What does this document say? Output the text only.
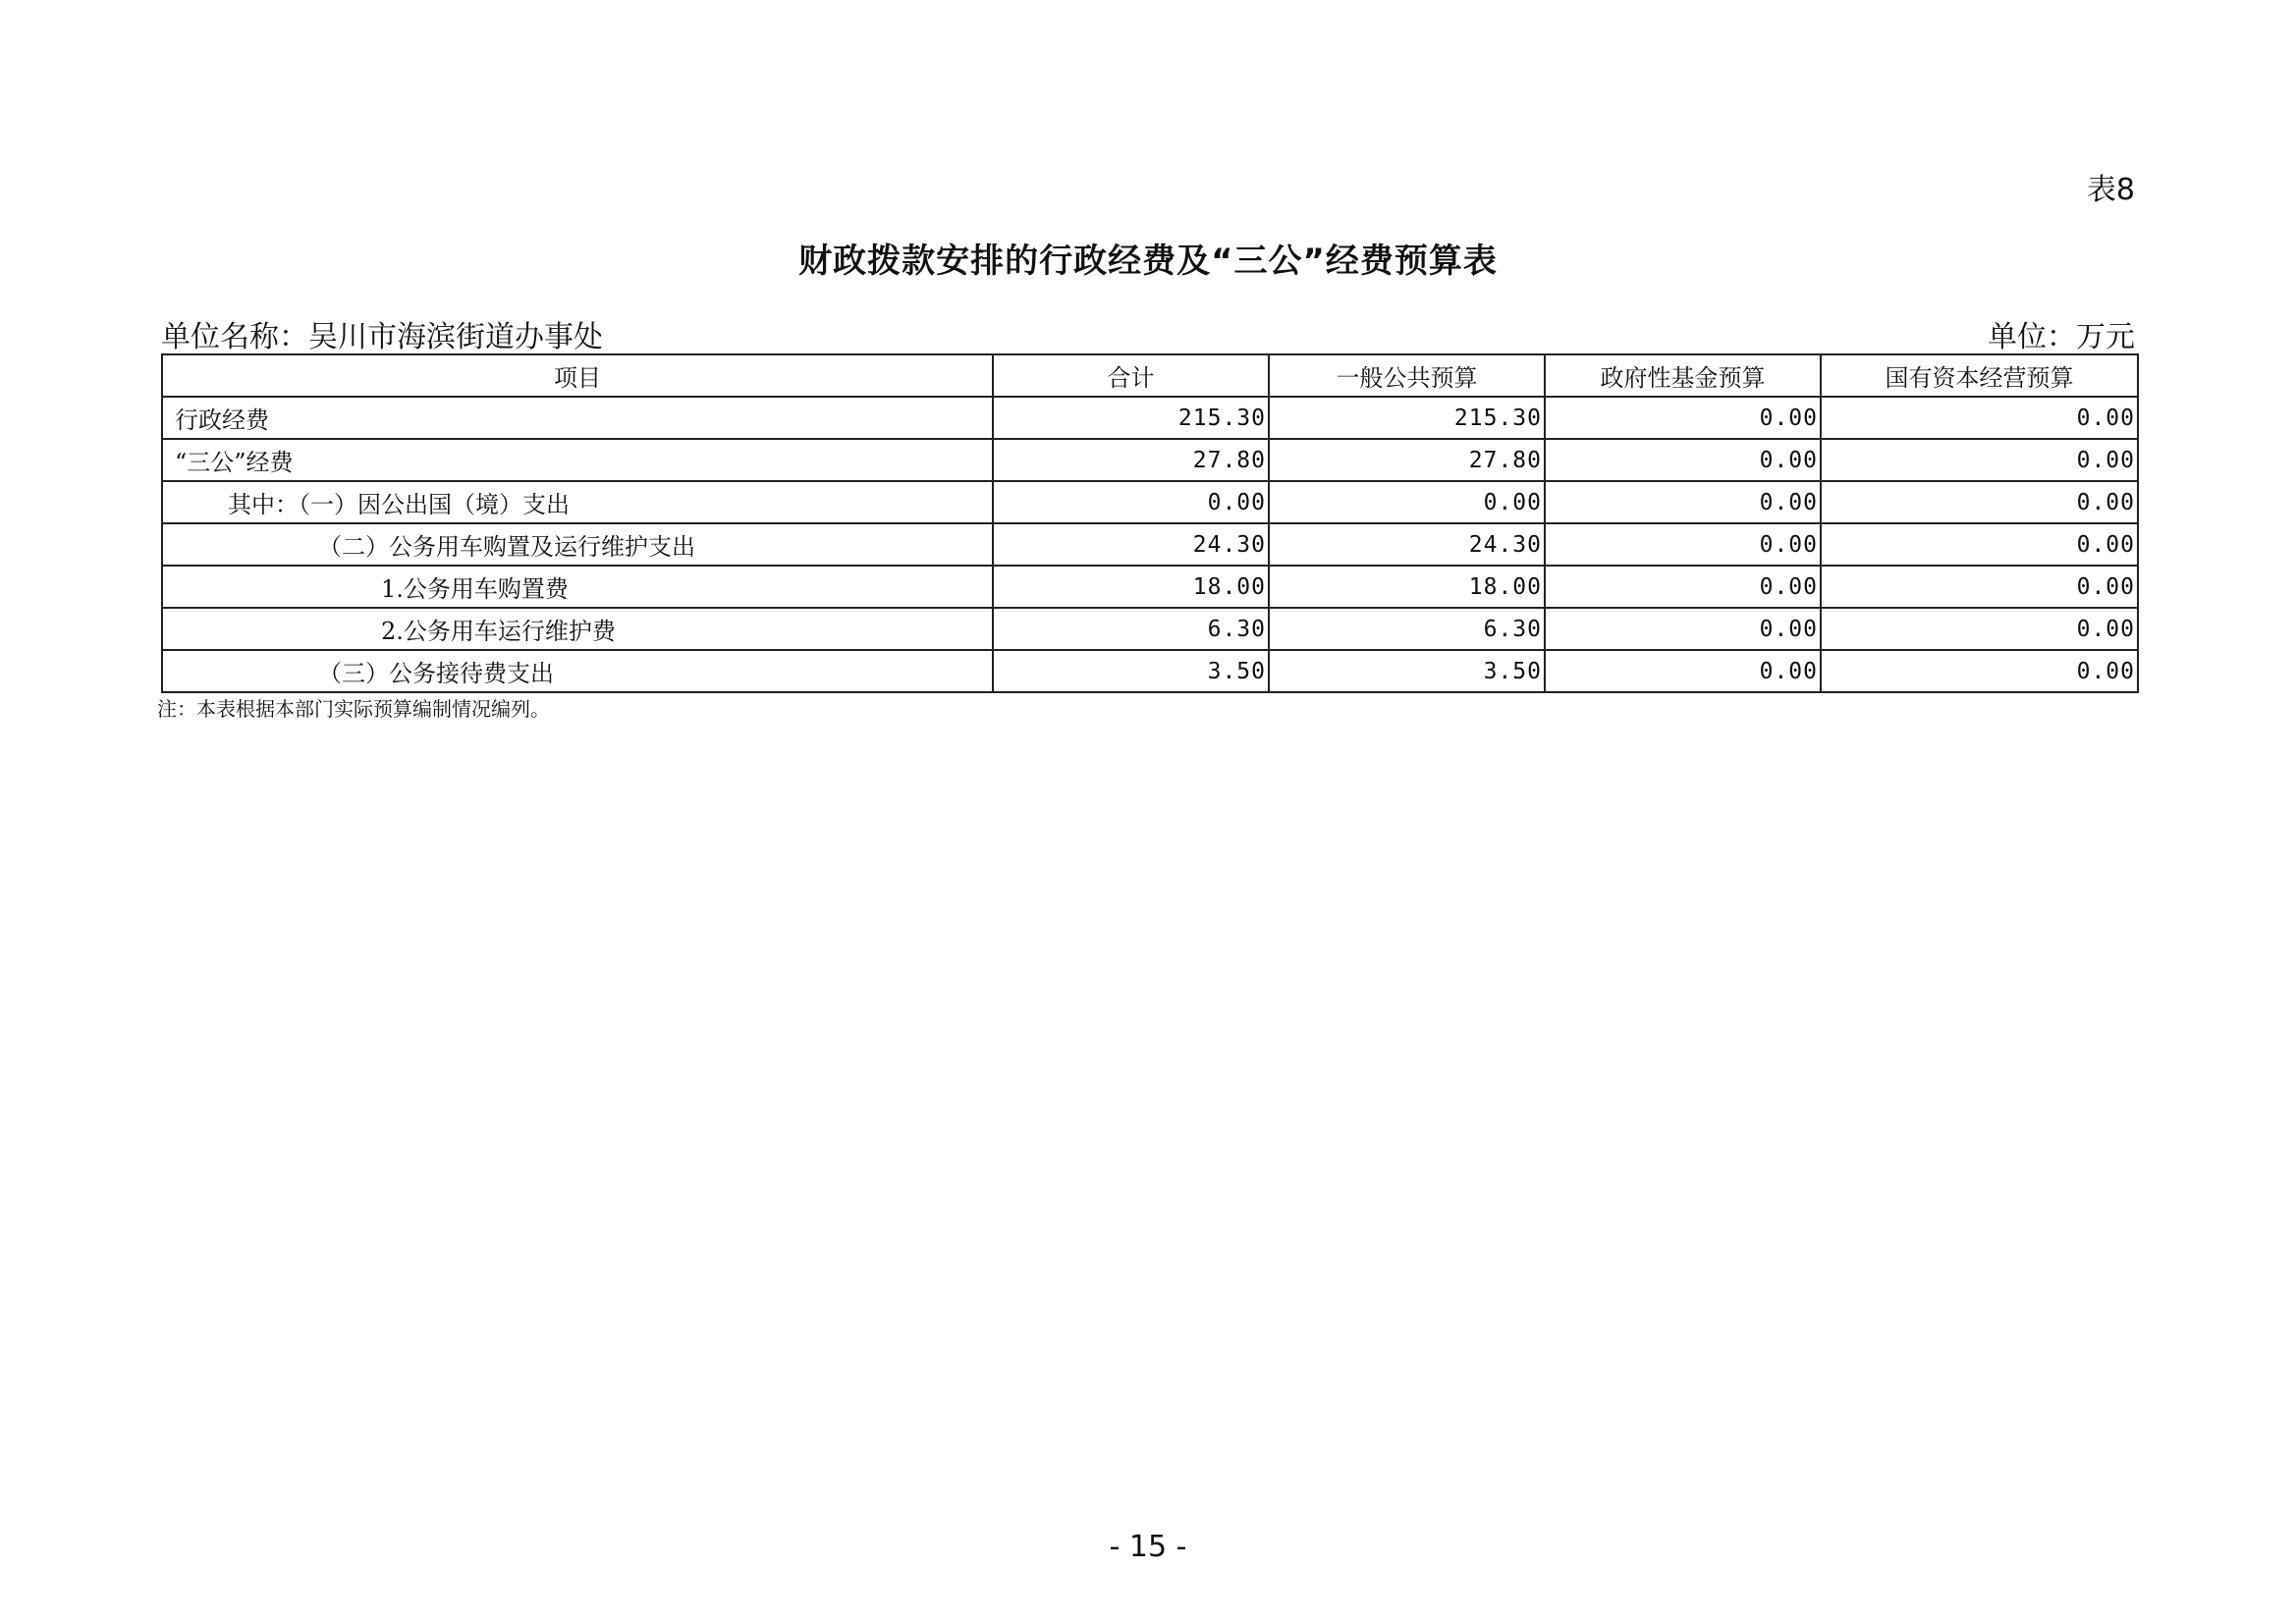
表8
财政拨款安排的行政经费及“三公”经费预算表
单位名称：吴川市海滨街道办事处	单位：万元
项目	合计	一般公共预算	政府性基金预算	国有资本经营预算
行政经费	215.30	215.30	0.00	0.00
“三公”经费	27.80	27.80	0.00	0.00
其中：（一）因公出国（境）支出	0.00	0.00	0.00	0.00
（二）公务用车购置及运行维护支出	24.30	24.30	0.00	0.00
1.公务用车购置费	18.00	18.00	0.00	0.00
2.公务用车运行维护费	6.30	6.30	0.00	0.00
（三）公务接待费支出	3.50	3.50	0.00	0.00
注：本表根据本部门实际预算编制情况编列。
- 15 -
